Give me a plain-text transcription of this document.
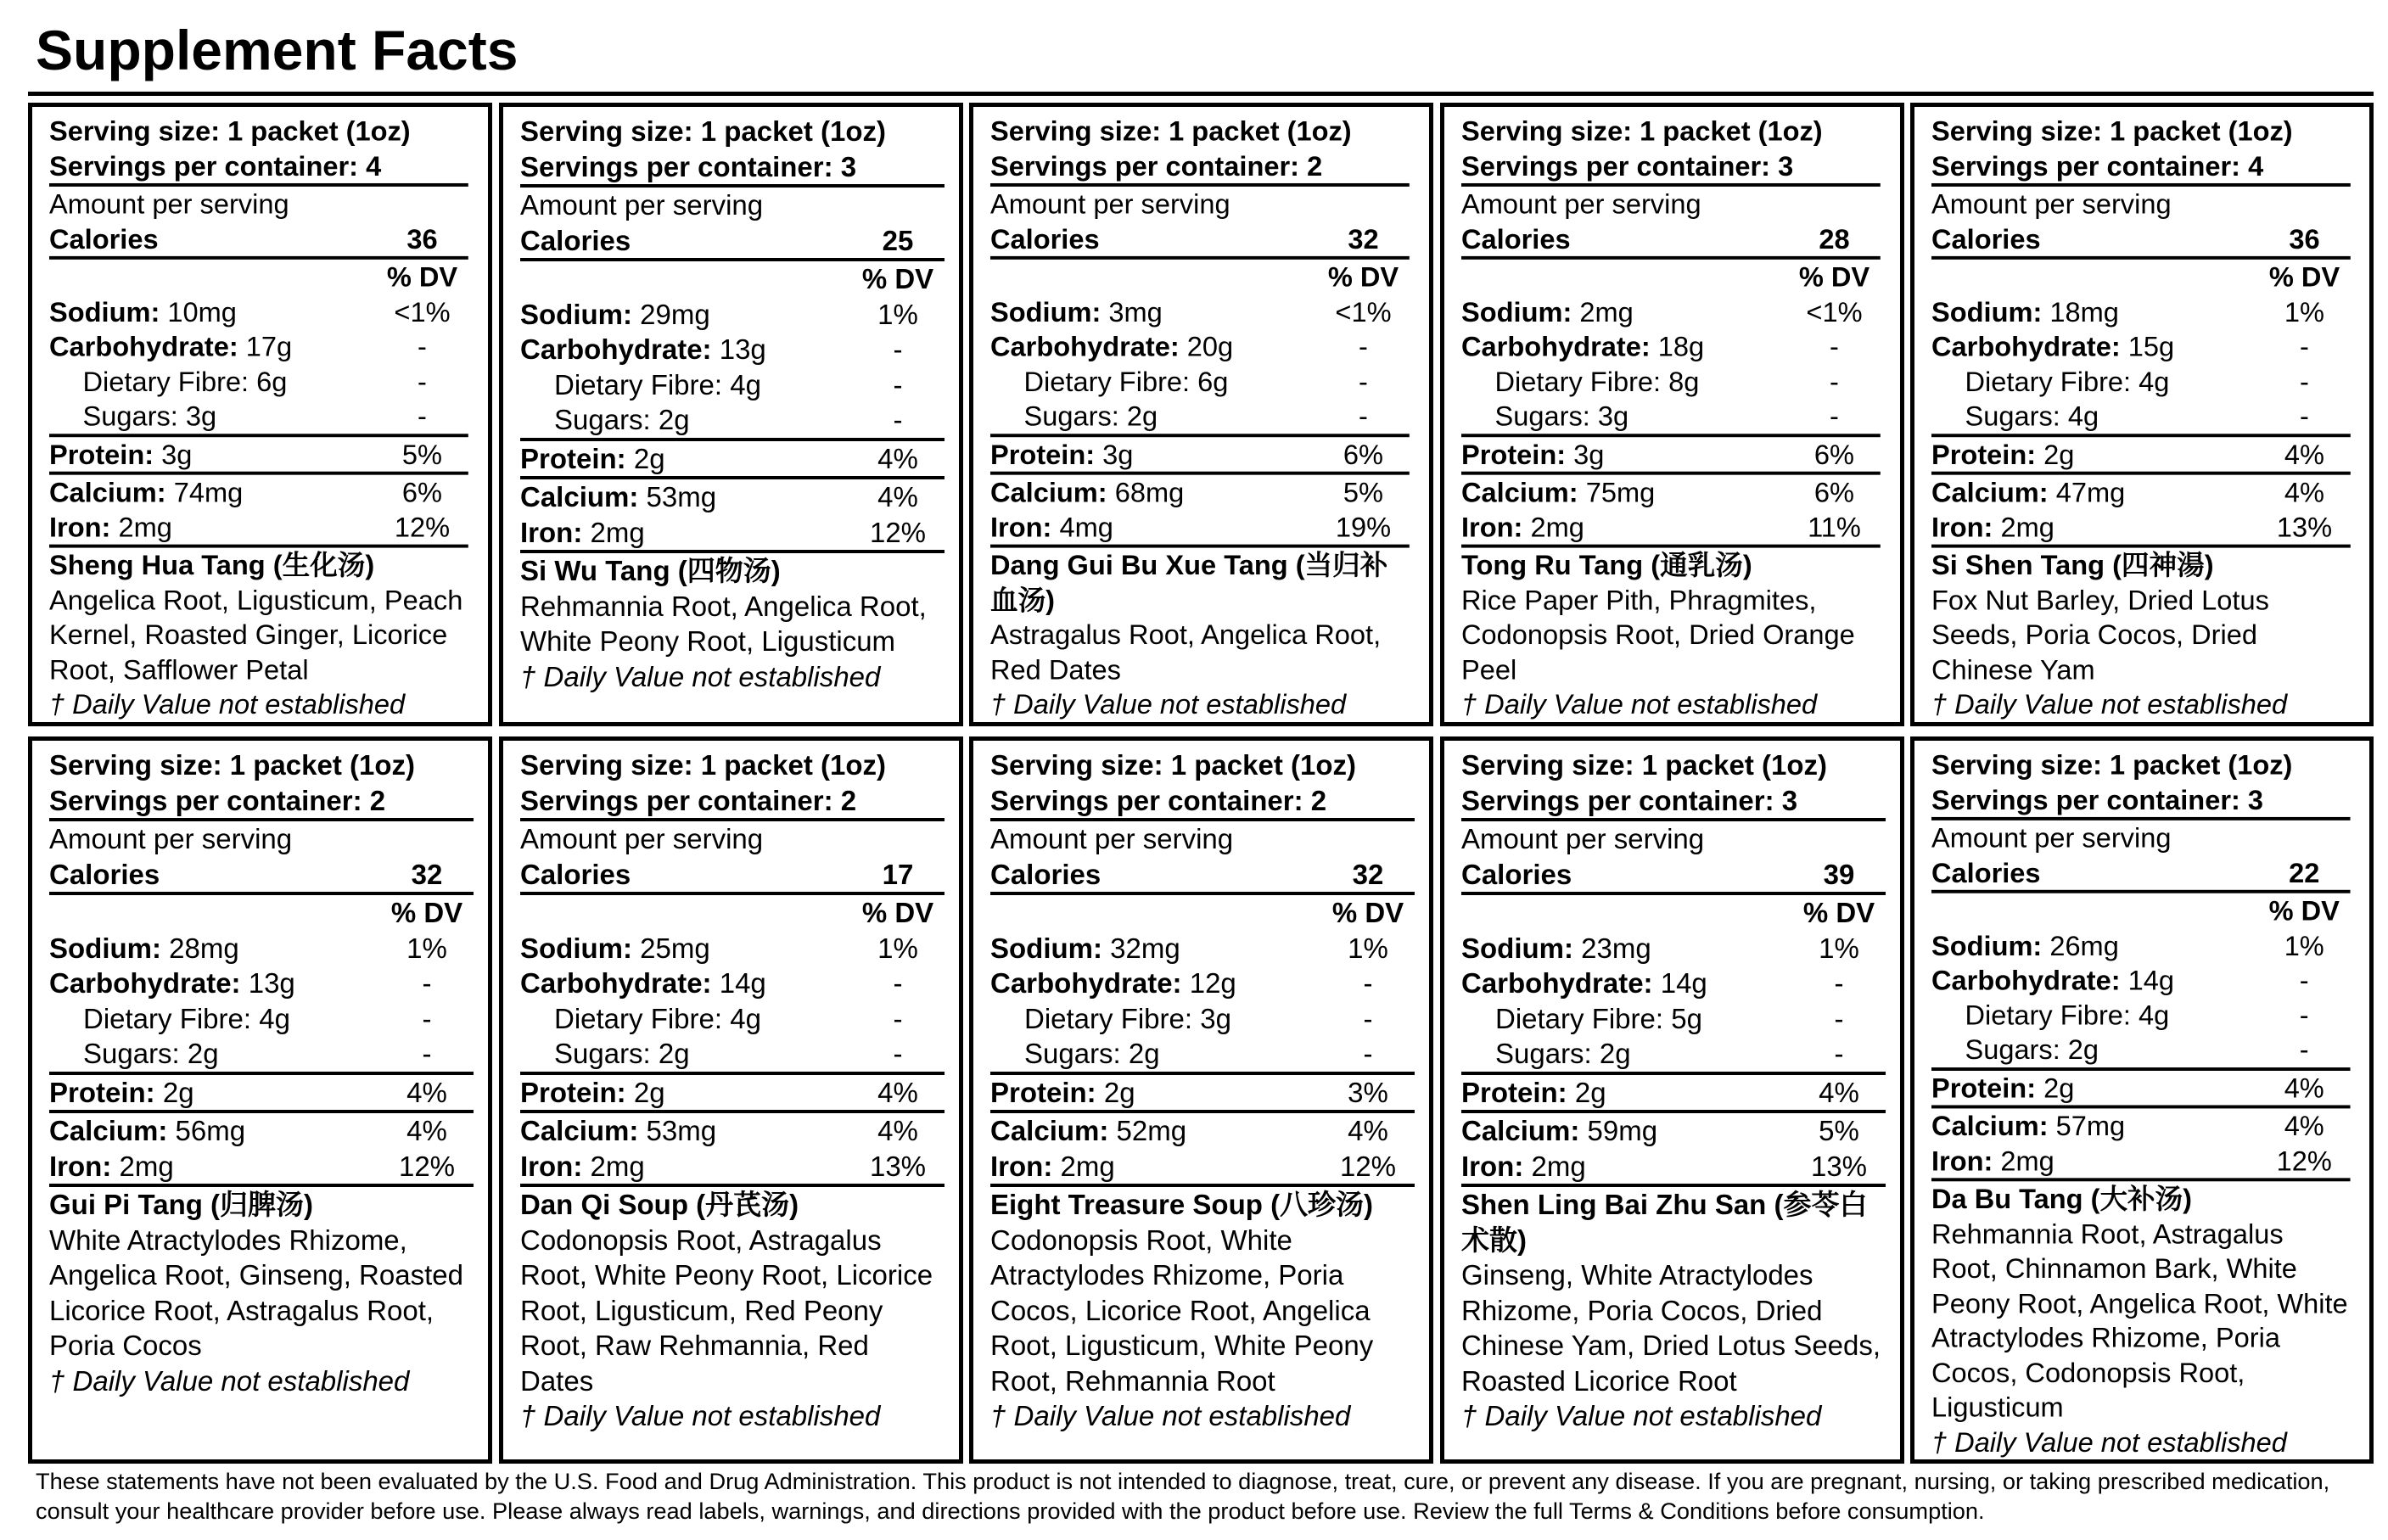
Supplement Facts
Serving size: 1 packet (1oz)
Servings per container: 4
Amount per serving
Calories	36
% DV
Sodium: 10mg	<1%
Carbohydrate: 17g	-
Dietary Fibre: 6g	-
Sugars: 3g	-
Protein: 3g	5%
Calcium: 74mg	6%
Iron: 2mg	12%
Sheng Hua Tang (生化汤)
Angelica Root, Ligusticum, Peach Kernel, Roasted Ginger, Licorice Root, Safflower Petal
† Daily Value not established
Serving size: 1 packet (1oz)
Servings per container: 3
Amount per serving
Calories	25
% DV
Sodium: 29mg	1%
Carbohydrate: 13g	-
Dietary Fibre: 4g	-
Sugars: 2g	-
Protein: 2g	4%
Calcium: 53mg	4%
Iron: 2mg	12%
Si Wu Tang (四物汤)
Rehmannia Root, Angelica Root, White Peony Root, Ligusticum
† Daily Value not established
Serving size: 1 packet (1oz)
Servings per container: 2
Amount per serving
Calories	32
% DV
Sodium: 3mg	<1%
Carbohydrate: 20g	-
Dietary Fibre: 6g	-
Sugars: 2g	-
Protein: 3g	6%
Calcium: 68mg	5%
Iron: 4mg	19%
Dang Gui Bu Xue Tang (当归补血汤)
Astragalus Root, Angelica Root, Red Dates
† Daily Value not established
Serving size: 1 packet (1oz)
Servings per container: 3
Amount per serving
Calories	28
% DV
Sodium: 2mg	<1%
Carbohydrate: 18g	-
Dietary Fibre: 8g	-
Sugars: 3g	-
Protein: 3g	6%
Calcium: 75mg	6%
Iron: 2mg	11%
Tong Ru Tang (通乳汤)
Rice Paper Pith, Phragmites, Codonopsis Root, Dried Orange Peel
† Daily Value not established
Serving size: 1 packet (1oz)
Servings per container: 4
Amount per serving
Calories	36
% DV
Sodium: 18mg	1%
Carbohydrate: 15g	-
Dietary Fibre: 4g	-
Sugars: 4g	-
Protein: 2g	4%
Calcium: 47mg	4%
Iron: 2mg	13%
Si Shen Tang (四神湯)
Fox Nut Barley, Dried Lotus Seeds, Poria Cocos, Dried Chinese Yam
† Daily Value not established
Serving size: 1 packet (1oz)
Servings per container: 2
Amount per serving
Calories	32
% DV
Sodium: 28mg	1%
Carbohydrate: 13g	-
Dietary Fibre: 4g	-
Sugars: 2g	-
Protein: 2g	4%
Calcium: 56mg	4%
Iron: 2mg	12%
Gui Pi Tang (归脾汤)
White Atractylodes Rhizome, Angelica Root, Ginseng, Roasted Licorice Root, Astragalus Root, Poria Cocos
† Daily Value not established
Serving size: 1 packet (1oz)
Servings per container: 2
Amount per serving
Calories	17
% DV
Sodium: 25mg	1%
Carbohydrate: 14g	-
Dietary Fibre: 4g	-
Sugars: 2g	-
Protein: 2g	4%
Calcium: 53mg	4%
Iron: 2mg	13%
Dan Qi Soup (丹芪汤)
Codonopsis Root, Astragalus Root, White Peony Root, Licorice Root, Ligusticum, Red Peony Root, Raw Rehmannia, Red Dates
† Daily Value not established
Serving size: 1 packet (1oz)
Servings per container: 2
Amount per serving
Calories	32
% DV
Sodium: 32mg	1%
Carbohydrate: 12g	-
Dietary Fibre: 3g	-
Sugars: 2g	-
Protein: 2g	3%
Calcium: 52mg	4%
Iron: 2mg	12%
Eight Treasure Soup (八珍汤)
Codonopsis Root, White Atractylodes Rhizome, Poria Cocos, Licorice Root, Angelica Root, Ligusticum, White Peony Root, Rehmannia Root
† Daily Value not established
Serving size: 1 packet (1oz)
Servings per container: 3
Amount per serving
Calories	39
% DV
Sodium: 23mg	1%
Carbohydrate: 14g	-
Dietary Fibre: 5g	-
Sugars: 2g	-
Protein: 2g	4%
Calcium: 59mg	5%
Iron: 2mg	13%
Shen Ling Bai Zhu San (参苓白术散)
Ginseng, White Atractylodes Rhizome, Poria Cocos, Dried Chinese Yam, Dried Lotus Seeds, Roasted Licorice Root
† Daily Value not established
Serving size: 1 packet (1oz)
Servings per container: 3
Amount per serving
Calories	22
% DV
Sodium: 26mg	1%
Carbohydrate: 14g	-
Dietary Fibre: 4g	-
Sugars: 2g	-
Protein: 2g	4%
Calcium: 57mg	4%
Iron: 2mg	12%
Da Bu Tang (大补汤)
Rehmannia Root, Astragalus Root, Chinnamon Bark, White Peony Root, Angelica Root, White Atractylodes Rhizome, Poria Cocos, Codonopsis Root, Ligusticum
† Daily Value not established
These statements have not been evaluated by the U.S. Food and Drug Administration. This product is not intended to diagnose, treat, cure, or prevent any disease. If you are pregnant, nursing, or taking prescribed medication, consult your healthcare provider before use. Please always read labels, warnings, and directions provided with the product before use. Review the full Terms & Conditions before consumption.
